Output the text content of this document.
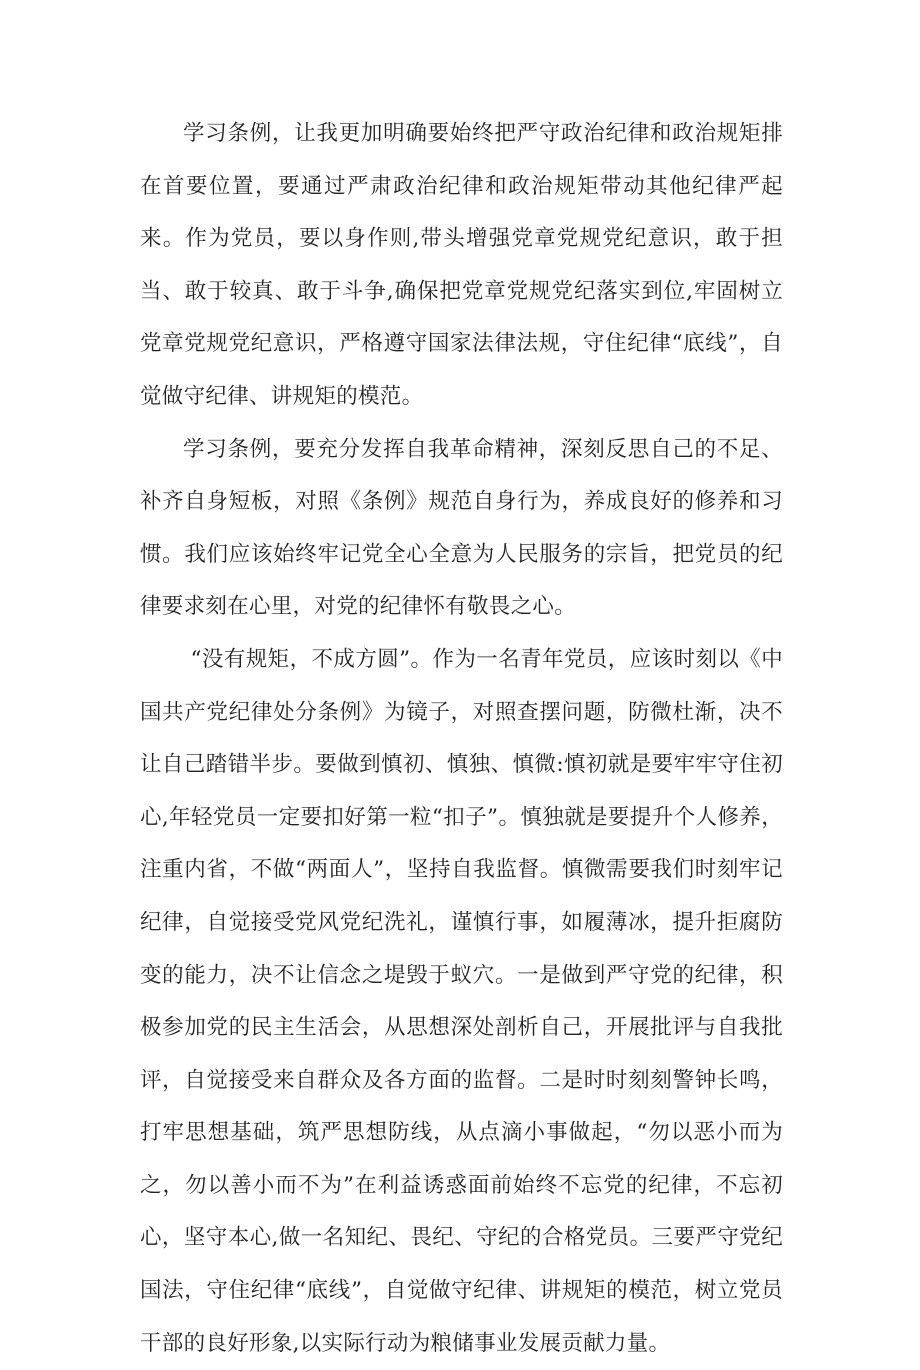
学习条例，让我更加明确要始终把严守政治纪律和政治规矩排在首要位置，要通过严肃政治纪律和政治规矩带动其他纪律严起来。作为党员，要以身作则,带头增强党章党规党纪意识，敢于担当、敢于较真、敢于斗争,确保把党章党规党纪落实到位,牢固树立党章党规党纪意识，严格遵守国家法律法规，守住纪律“底线”，自觉做守纪律、讲规矩的模范。

学习条例，要充分发挥自我革命精神，深刻反思自己的不足、补齐自身短板，对照《条例》规范自身行为，养成良好的修养和习惯。我们应该始终牢记党全心全意为人民服务的宗旨，把党员的纪律要求刻在心里，对党的纪律怀有敬畏之心。

“没有规矩，不成方圆”。作为一名青年党员，应该时刻以《中国共产党纪律处分条例》为镜子，对照查摆问题，防微杜渐，决不让自己踏错半步。要做到慎初、慎独、慎微:慎初就是要牢牢守住初心,年轻党员一定要扣好第一粒“扣子”。慎独就是要提升个人修养，注重内省，不做“两面人”，坚持自我监督。慎微需要我们时刻牢记纪律，自觉接受党风党纪洗礼，谨慎行事，如履薄冰，提升拒腐防变的能力，决不让信念之堤毁于蚁穴。一是做到严守党的纪律，积极参加党的民主生活会，从思想深处剖析自己，开展批评与自我批评，自觉接受来自群众及各方面的监督。二是时时刻刻警钟长鸣，打牢思想基础，筑严思想防线，从点滴小事做起，“勿以恶小而为之，勿以善小而不为”在利益诱惑面前始终不忘党的纪律，不忘初心，坚守本心,做一名知纪、畏纪、守纪的合格党员。三要严守党纪国法，守住纪律“底线”，自觉做守纪律、讲规矩的模范，树立党员干部的良好形象,以实际行动为粮储事业发展贡献力量。
